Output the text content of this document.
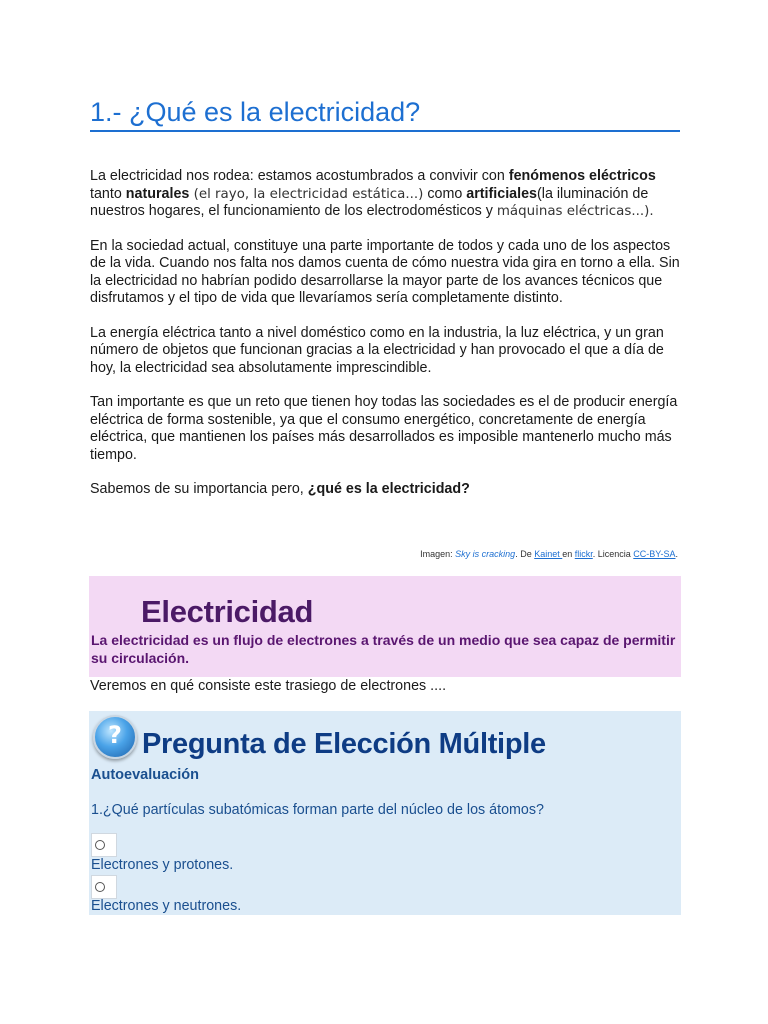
1.- ¿Qué es la electricidad?

La electricidad nos rodea: estamos acostumbrados a convivir con fenómenos eléctricos tanto naturales (el rayo, la electricidad estática...) como artificiales(la iluminación de nuestros hogares, el funcionamiento de los electrodomésticos y máquinas eléctricas...).

En la sociedad actual, constituye una parte importante de todos y cada uno de los aspectos de la vida. Cuando nos falta nos damos cuenta de cómo nuestra vida gira en torno a ella. Sin la electricidad no habrían podido desarrollarse la mayor parte de los avances técnicos que disfrutamos y el tipo de vida que llevaríamos sería completamente distinto.

La energía eléctrica tanto a nivel doméstico como en la industria, la luz eléctrica, y un gran número de objetos que funcionan gracias a la electricidad y han provocado el que a día de hoy, la electricidad sea absolutamente imprescindible.

Tan importante es que un reto que tienen hoy todas las sociedades es el de producir energía eléctrica de forma sostenible, ya que el consumo energético, concretamente de energía eléctrica, que mantienen los países más desarrollados es imposible mantenerlo mucho más tiempo.

Sabemos de su importancia pero, ¿qué es la electricidad?

Imagen: Sky is cracking. De Kainet en flickr. Licencia CC-BY-SA.
Electricidad
La electricidad es un flujo de electrones a través de un medio que sea capaz de permitir su circulación.
Veremos en qué consiste este trasiego de electrones ....
? Pregunta de Elección Múltiple
Autoevaluación
1.¿Qué partículas subatómicas forman parte del núcleo de los átomos?
Electrones y protones.
Electrones y neutrones.
